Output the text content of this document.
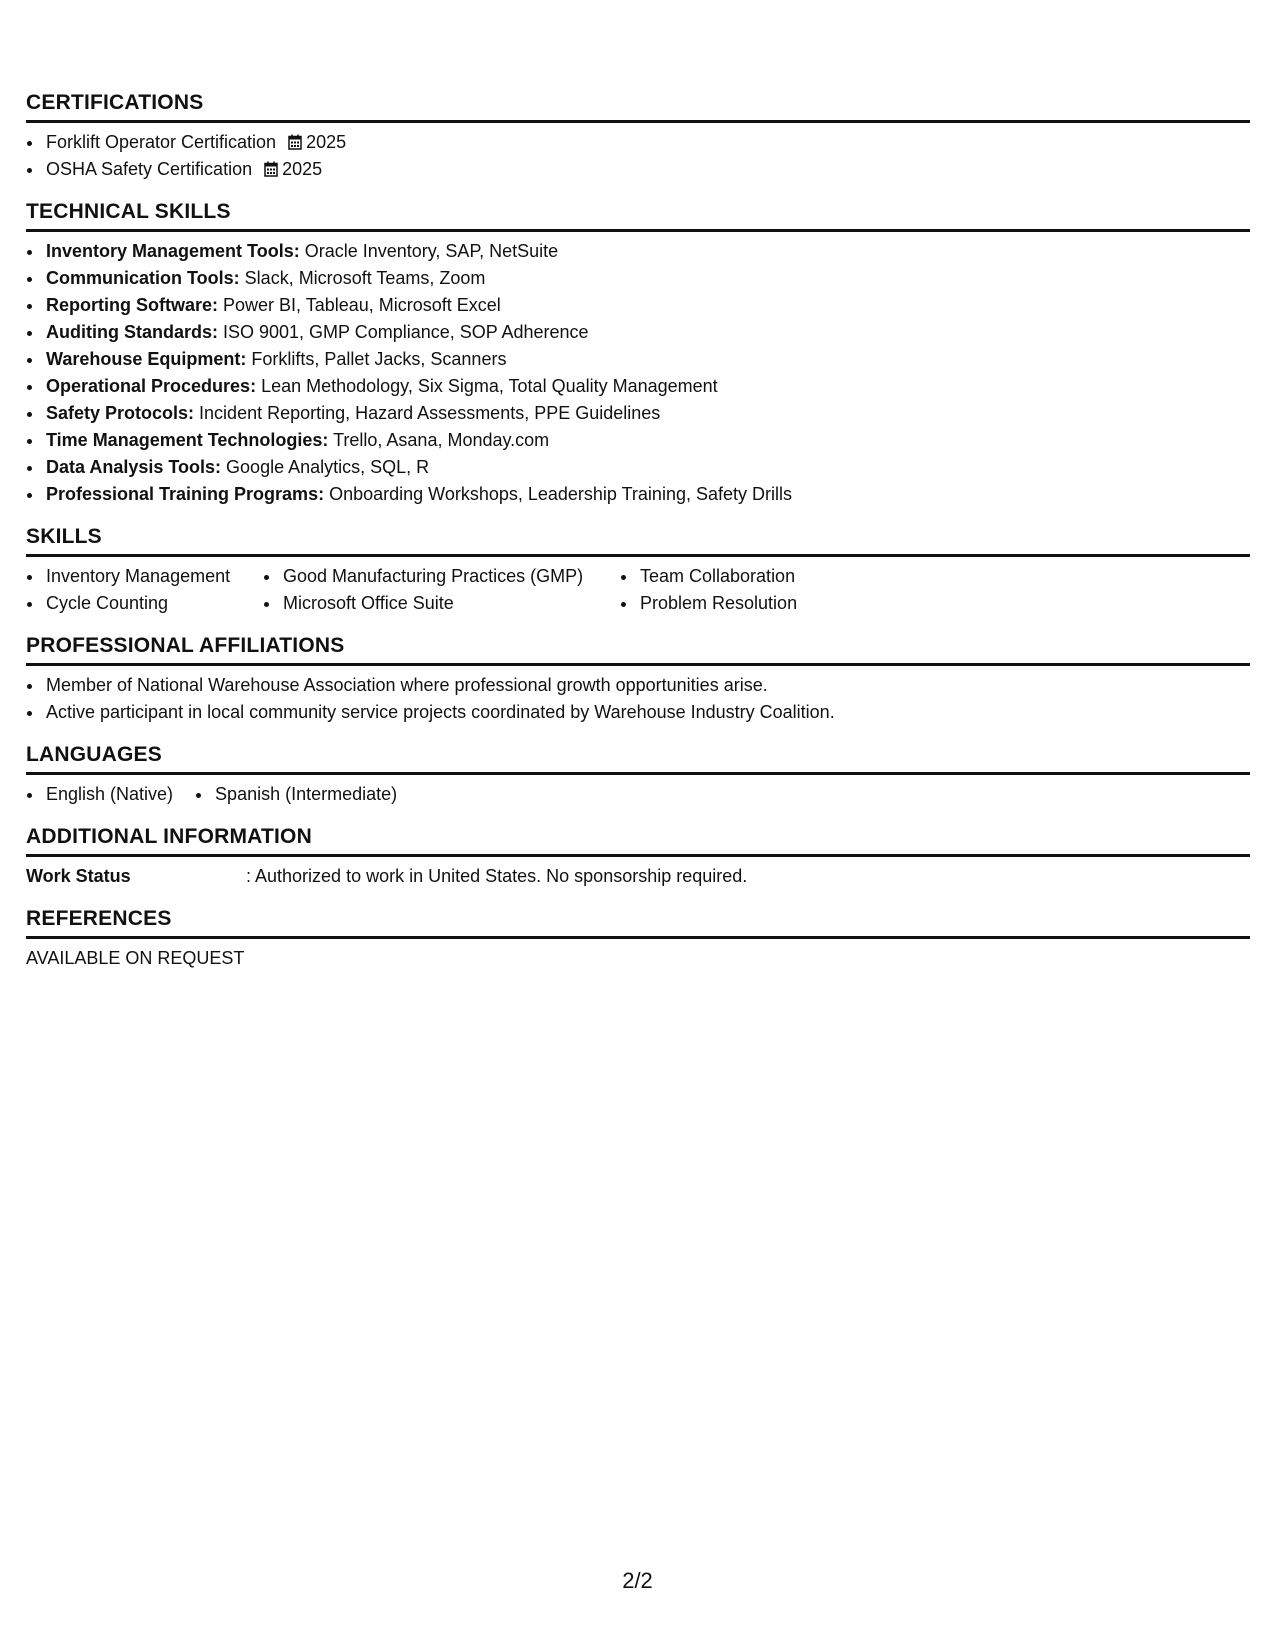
CERTIFICATIONS
• Forklift Operator Certification 2025
• OSHA Safety Certification 2025
TECHNICAL SKILLS
• Inventory Management Tools: Oracle Inventory, SAP, NetSuite
• Communication Tools: Slack, Microsoft Teams, Zoom
• Reporting Software: Power BI, Tableau, Microsoft Excel
• Auditing Standards: ISO 9001, GMP Compliance, SOP Adherence
• Warehouse Equipment: Forklifts, Pallet Jacks, Scanners
• Operational Procedures: Lean Methodology, Six Sigma, Total Quality Management
• Safety Protocols: Incident Reporting, Hazard Assessments, PPE Guidelines
• Time Management Technologies: Trello, Asana, Monday.com
• Data Analysis Tools: Google Analytics, SQL, R
• Professional Training Programs: Onboarding Workshops, Leadership Training, Safety Drills
SKILLS
• Inventory Management
• Cycle Counting
• Good Manufacturing Practices (GMP)
• Microsoft Office Suite
• Team Collaboration
• Problem Resolution
PROFESSIONAL AFFILIATIONS
• Member of National Warehouse Association where professional growth opportunities arise.
• Active participant in local community service projects coordinated by Warehouse Industry Coalition.
LANGUAGES
• English (Native)
• Spanish (Intermediate)
ADDITIONAL INFORMATION
Work Status	: Authorized to work in United States. No sponsorship required.
REFERENCES
AVAILABLE ON REQUEST
2/2
